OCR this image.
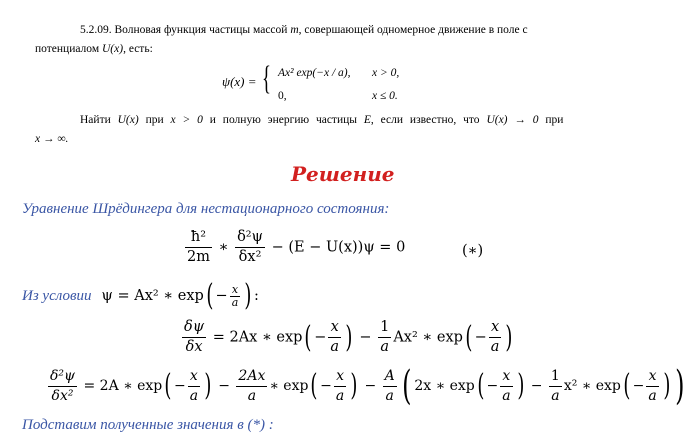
5.2.09. Волновая функция частицы массой m, совершающей одномерное движение в поле с
потенциалом U(x), есть:
ψ(x) = { Ax² exp(−x / a), x > 0,
0,	x ≤ 0.
Найти U(x) при x > 0 и полную энергию частицы E, если известно, что U(x) → 0 при
x → ∞.
Решение
Уравнение Шрёдингера для нестационарного состояния:
$\frac{\text{ħ²}}{2m}$ ∗ $\frac{\text{δ²ψ}}{\text{δx²}} - (E - U(x))\psi = 0$	(∗)
Из условии ψ = Ax² ∗ $\exp( - \frac{x}{a}$ ) :
$\frac{\delta\psi}{\delta x} = 2Ax$ ∗ $\exp( - \frac{x}{a}$ ) − $\frac{1}{a} Ax^2$ ∗ $\exp( - \frac{x}{a}$ )
$\frac{\text{δ²ψ}}{\text{δx²}} = 2A$ ∗ $\exp( - \frac{x}{a}$ ) − $\frac{2Ax}{a}$ ∗ $\exp( - \frac{x}{a}$ ) − $\frac{A}{a}$ ( 2x ∗ $\exp( - \frac{x}{a}$ ) − $\frac{1}{a} x^2$ ∗ $\exp( - \frac{x}{a}$ ) )
Подставим полученные значения в (*) :
